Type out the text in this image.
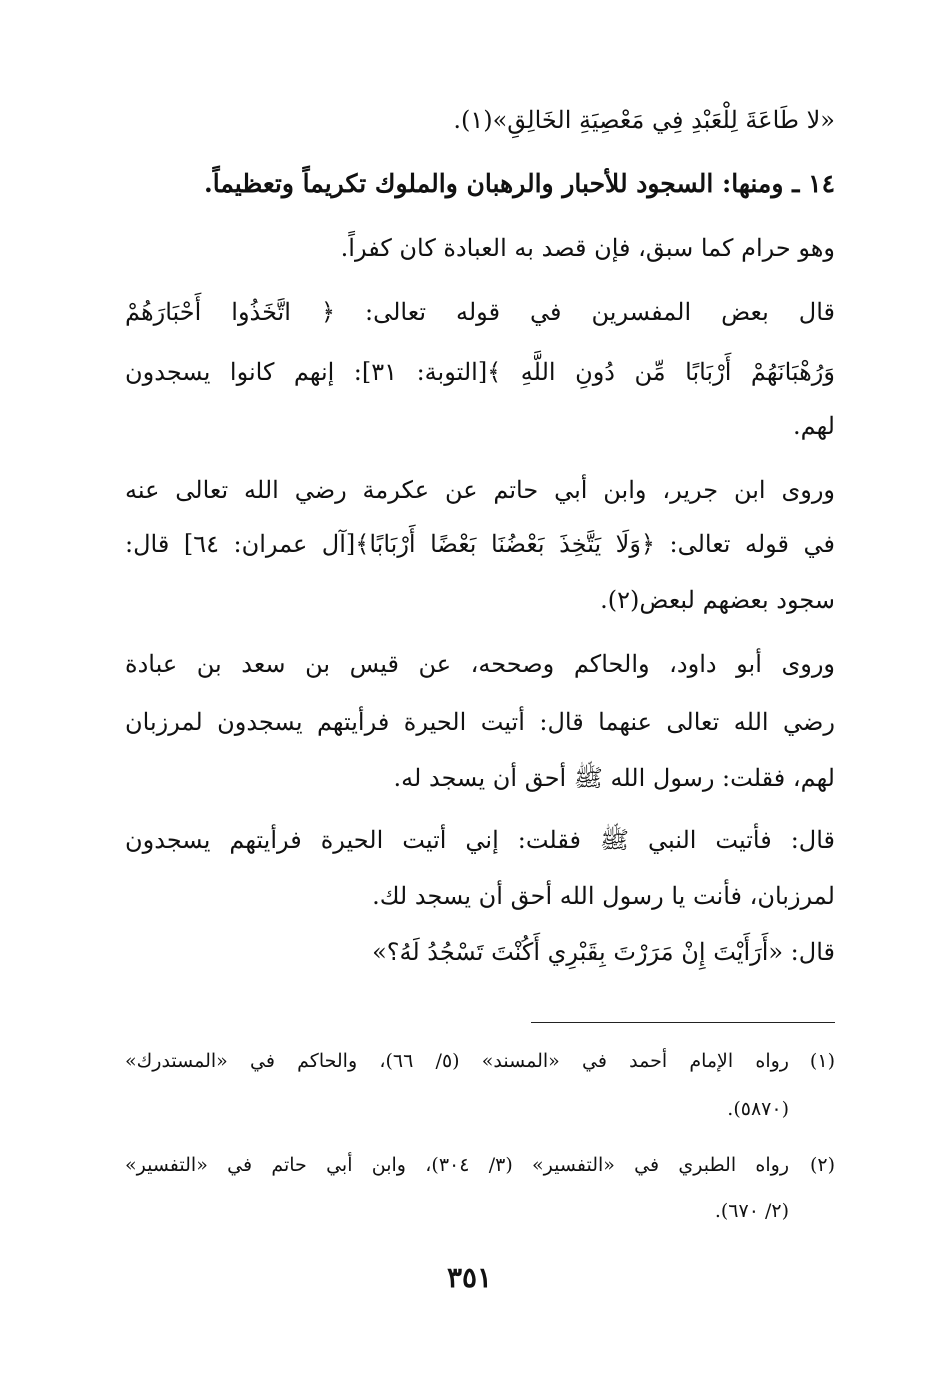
«لا طَاعَةَ لِلْعَبْدِ فِي مَعْصِيَةِ الخَالِقِ»(١).
١٤ ـ ومنها: السجود للأحبار والرهبان والملوك تكريماً وتعظيماً.
وهو حرام كما سبق، فإن قصد به العبادة كان كفراً.
قال بعض المفسرين في قوله تعالى: ﴿ اتَّخَذُوا أَحْبَارَهُمْ
وَرُهْبَانَهُمْ أَرْبَابًا مِّن دُونِ اللَّهِ ﴾[التوبة: ٣١]: إنهم كانوا يسجدون
لهم.
وروى ابن جرير، وابن أبي حاتم عن عكرمة رضي الله تعالى عنه
في قوله تعالى: ﴿وَلَا يَتَّخِذَ بَعْضُنَا بَعْضًا أَرْبَابًا﴾[آل عمران: ٦٤] قال:
سجود بعضهم لبعض(٢).
وروى أبو داود، والحاكم وصححه، عن قيس بن سعد بن عبادة
رضي الله تعالى عنهما قال: أتيت الحيرة فرأيتهم يسجدون لمرزبان
لهم، فقلت: رسول الله ﷺ أحق أن يسجد له.
قال: فأتيت النبي ﷺ فقلت: إني أتيت الحيرة فرأيتهم يسجدون
لمرزبان، فأنت يا رسول الله أحق أن يسجد لك.
قال: «أَرَأَيْتَ إِنْ مَرَرْتَ بِقَبْرِي أَكُنْتَ تَسْجُدُ لَهُ؟»
(١)رواه الإمام أحمد في «المسند» (٥/ ٦٦)، والحاكم في «المستدرك»
(٥٨٧٠).
(٢)رواه الطبري في «التفسير» (٣/ ٣٠٤)، وابن أبي حاتم في «التفسير»
(٢/ ٦٧٠).
٣٥١
